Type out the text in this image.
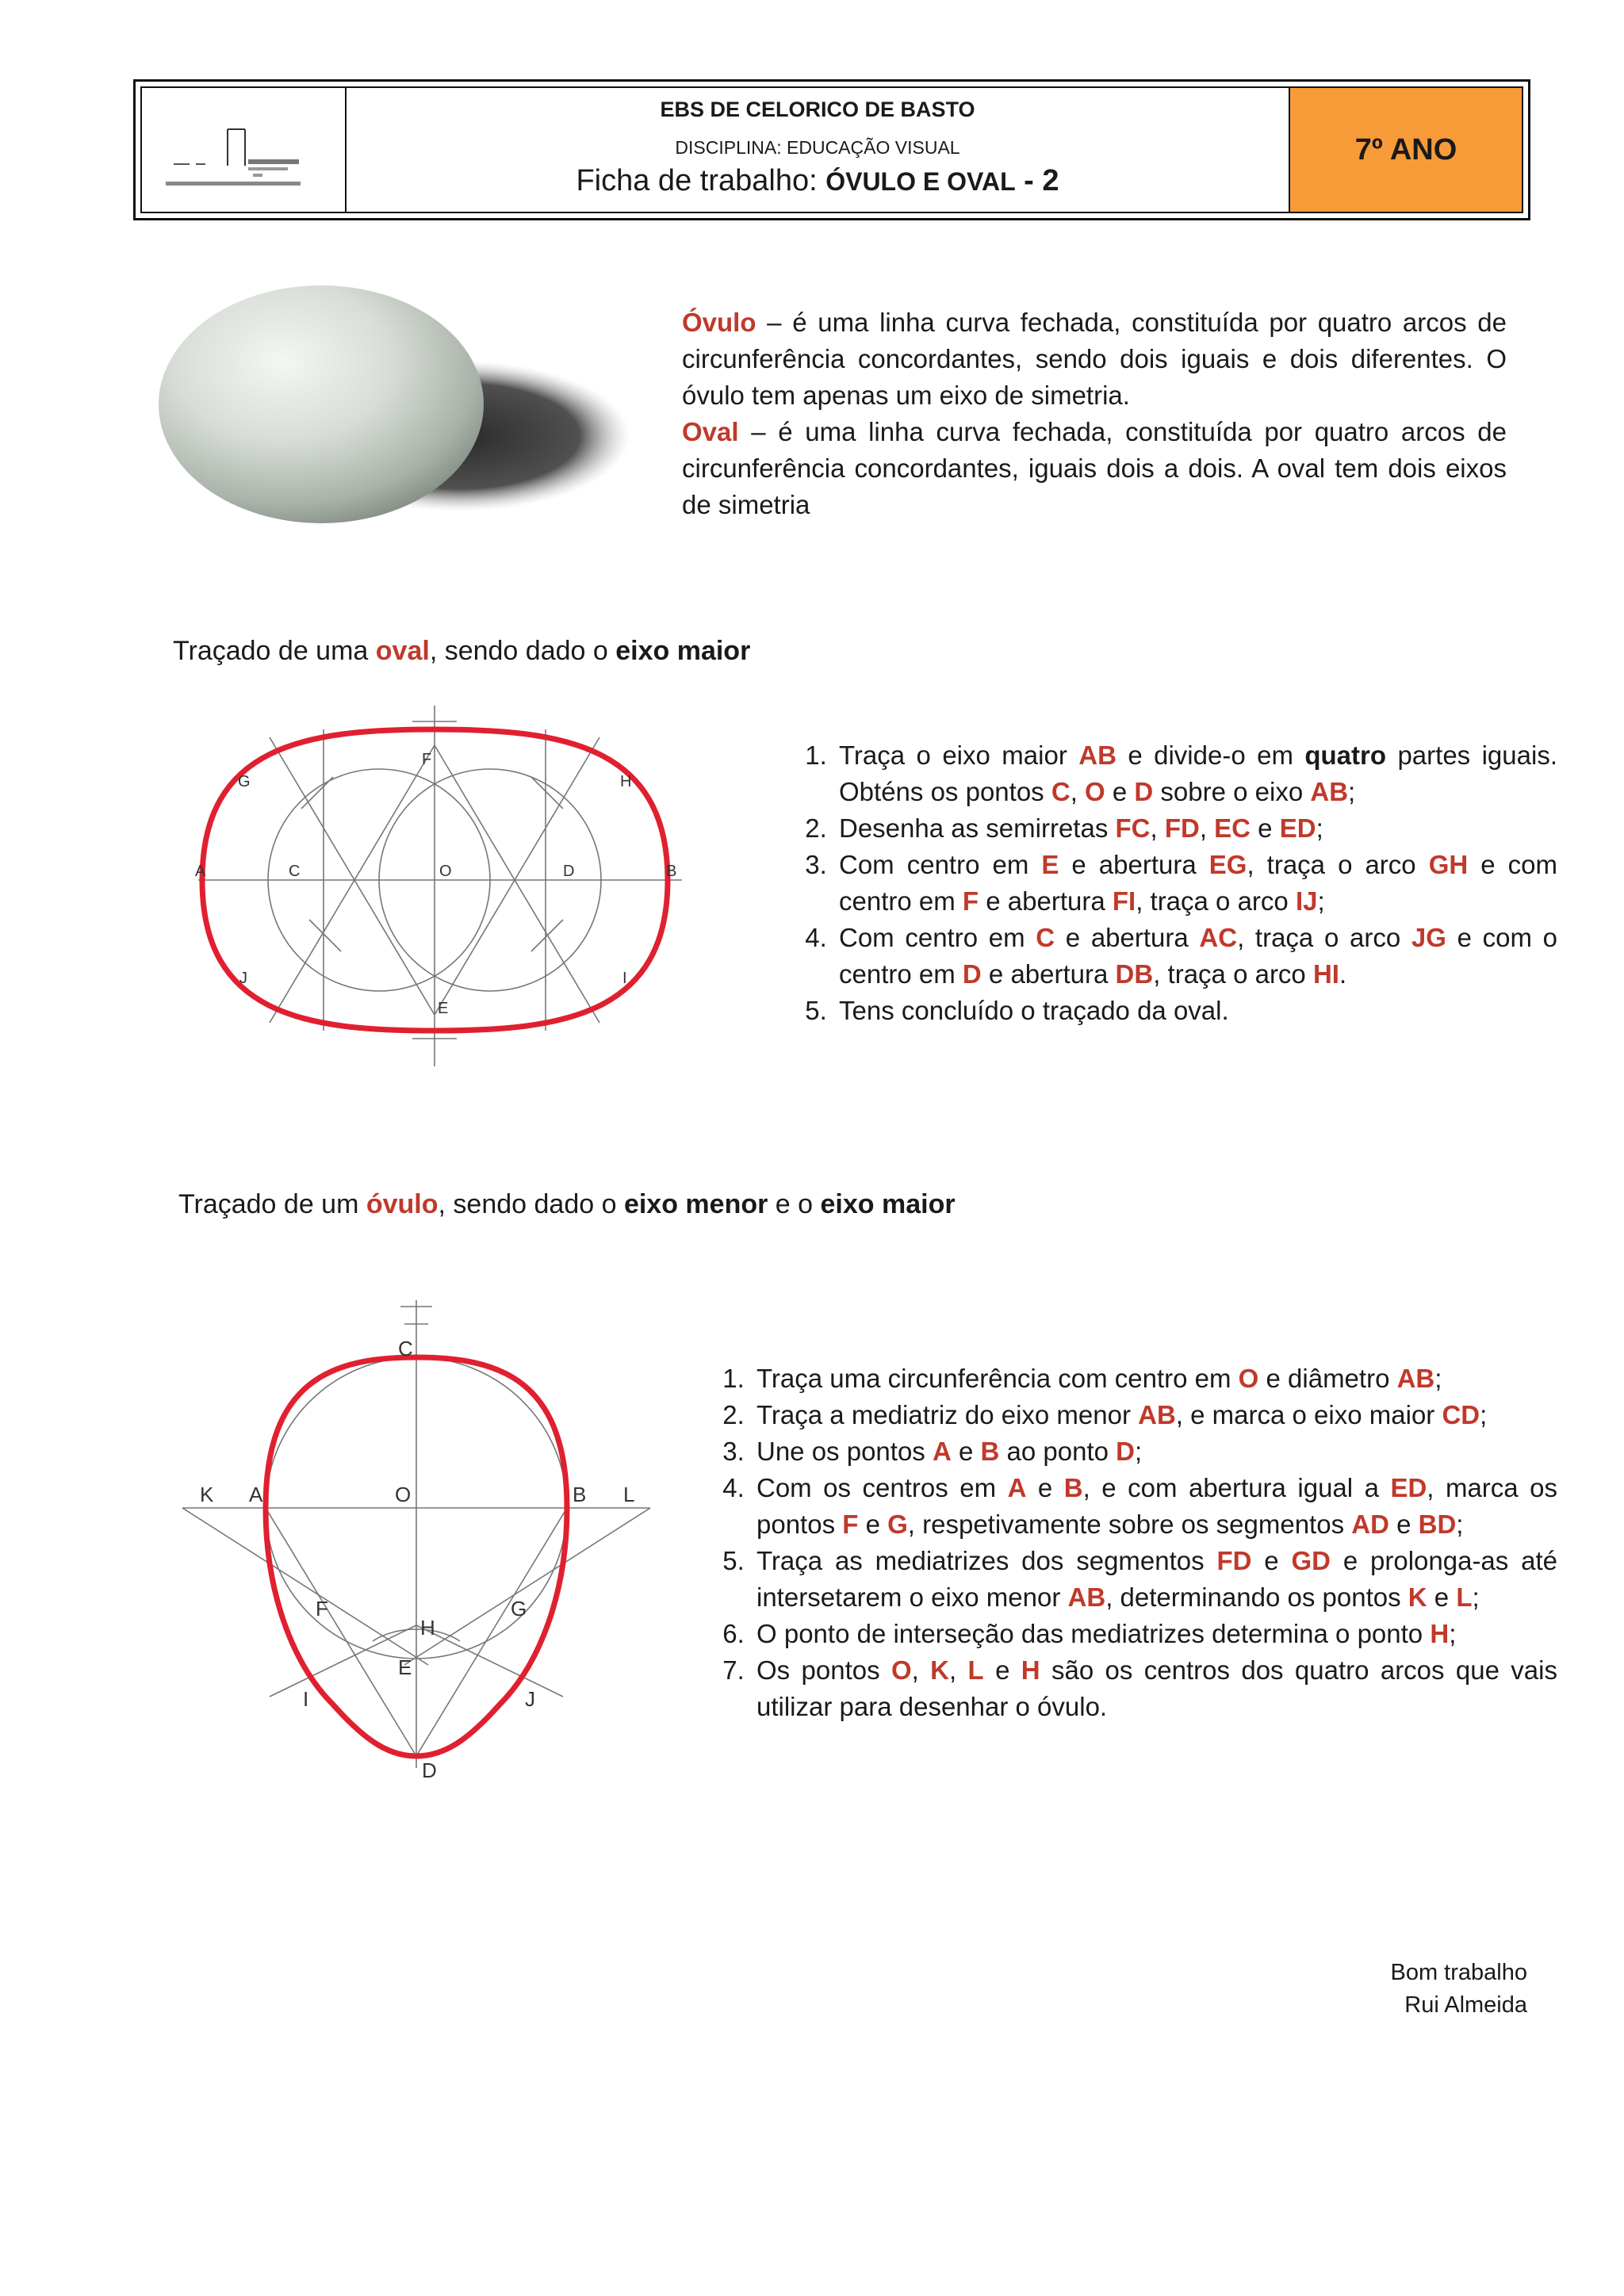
EBS DE CELORICO DE BASTO
DISCIPLINA: EDUCAÇÃO VISUAL
Ficha de trabalho: ÓVULO E OVAL - 2
7º ANO
Óvulo – é uma linha curva fechada, constituída por quatro arcos de circunferência concordantes, sendo dois iguais e dois diferentes. O óvulo tem apenas um eixo de simetria.
Oval – é uma linha curva fechada, constituída por quatro arcos de circunferência concordantes, iguais dois a dois. A oval tem dois eixos de simetria
Traçado de uma oval, sendo dado o eixo maior
A	B
C	O	D
E
F
G	H
I
J
1. Traça o eixo maior AB e divide-o em quatro partes iguais. Obténs os pontos C, O e D sobre o eixo AB;
2. Desenha as semirretas FC, FD, EC e ED;
3. Com centro em E e abertura EG, traça o arco GH e com centro em F e abertura FI, traça o arco IJ;
4. Com centro em C e abertura AC, traça o arco JG e com o centro em D e abertura DB, traça o arco HI.
5. Tens concluído o traçado da oval.
Traçado de um óvulo, sendo dado o eixo menor e o eixo maior
C
K A	O	B L
F	G
H
E
I	J
D
1. Traça uma circunferência com centro em O e diâmetro AB;
2. Traça a mediatriz do eixo menor AB, e marca o eixo maior CD;
3. Une os pontos A e B ao ponto D;
4. Com os centros em A e B, e com abertura igual a ED, marca os pontos F e G, respetivamente sobre os segmentos AD e BD;
5. Traça as mediatrizes dos segmentos FD e GD e prolonga-as até intersetarem o eixo menor AB, determinando os pontos K e L;
6. O ponto de interseção das mediatrizes determina o ponto H;
7. Os pontos O, K, L e H são os centros dos quatro arcos que vais utilizar para desenhar o óvulo.
Bom trabalho
Rui Almeida
